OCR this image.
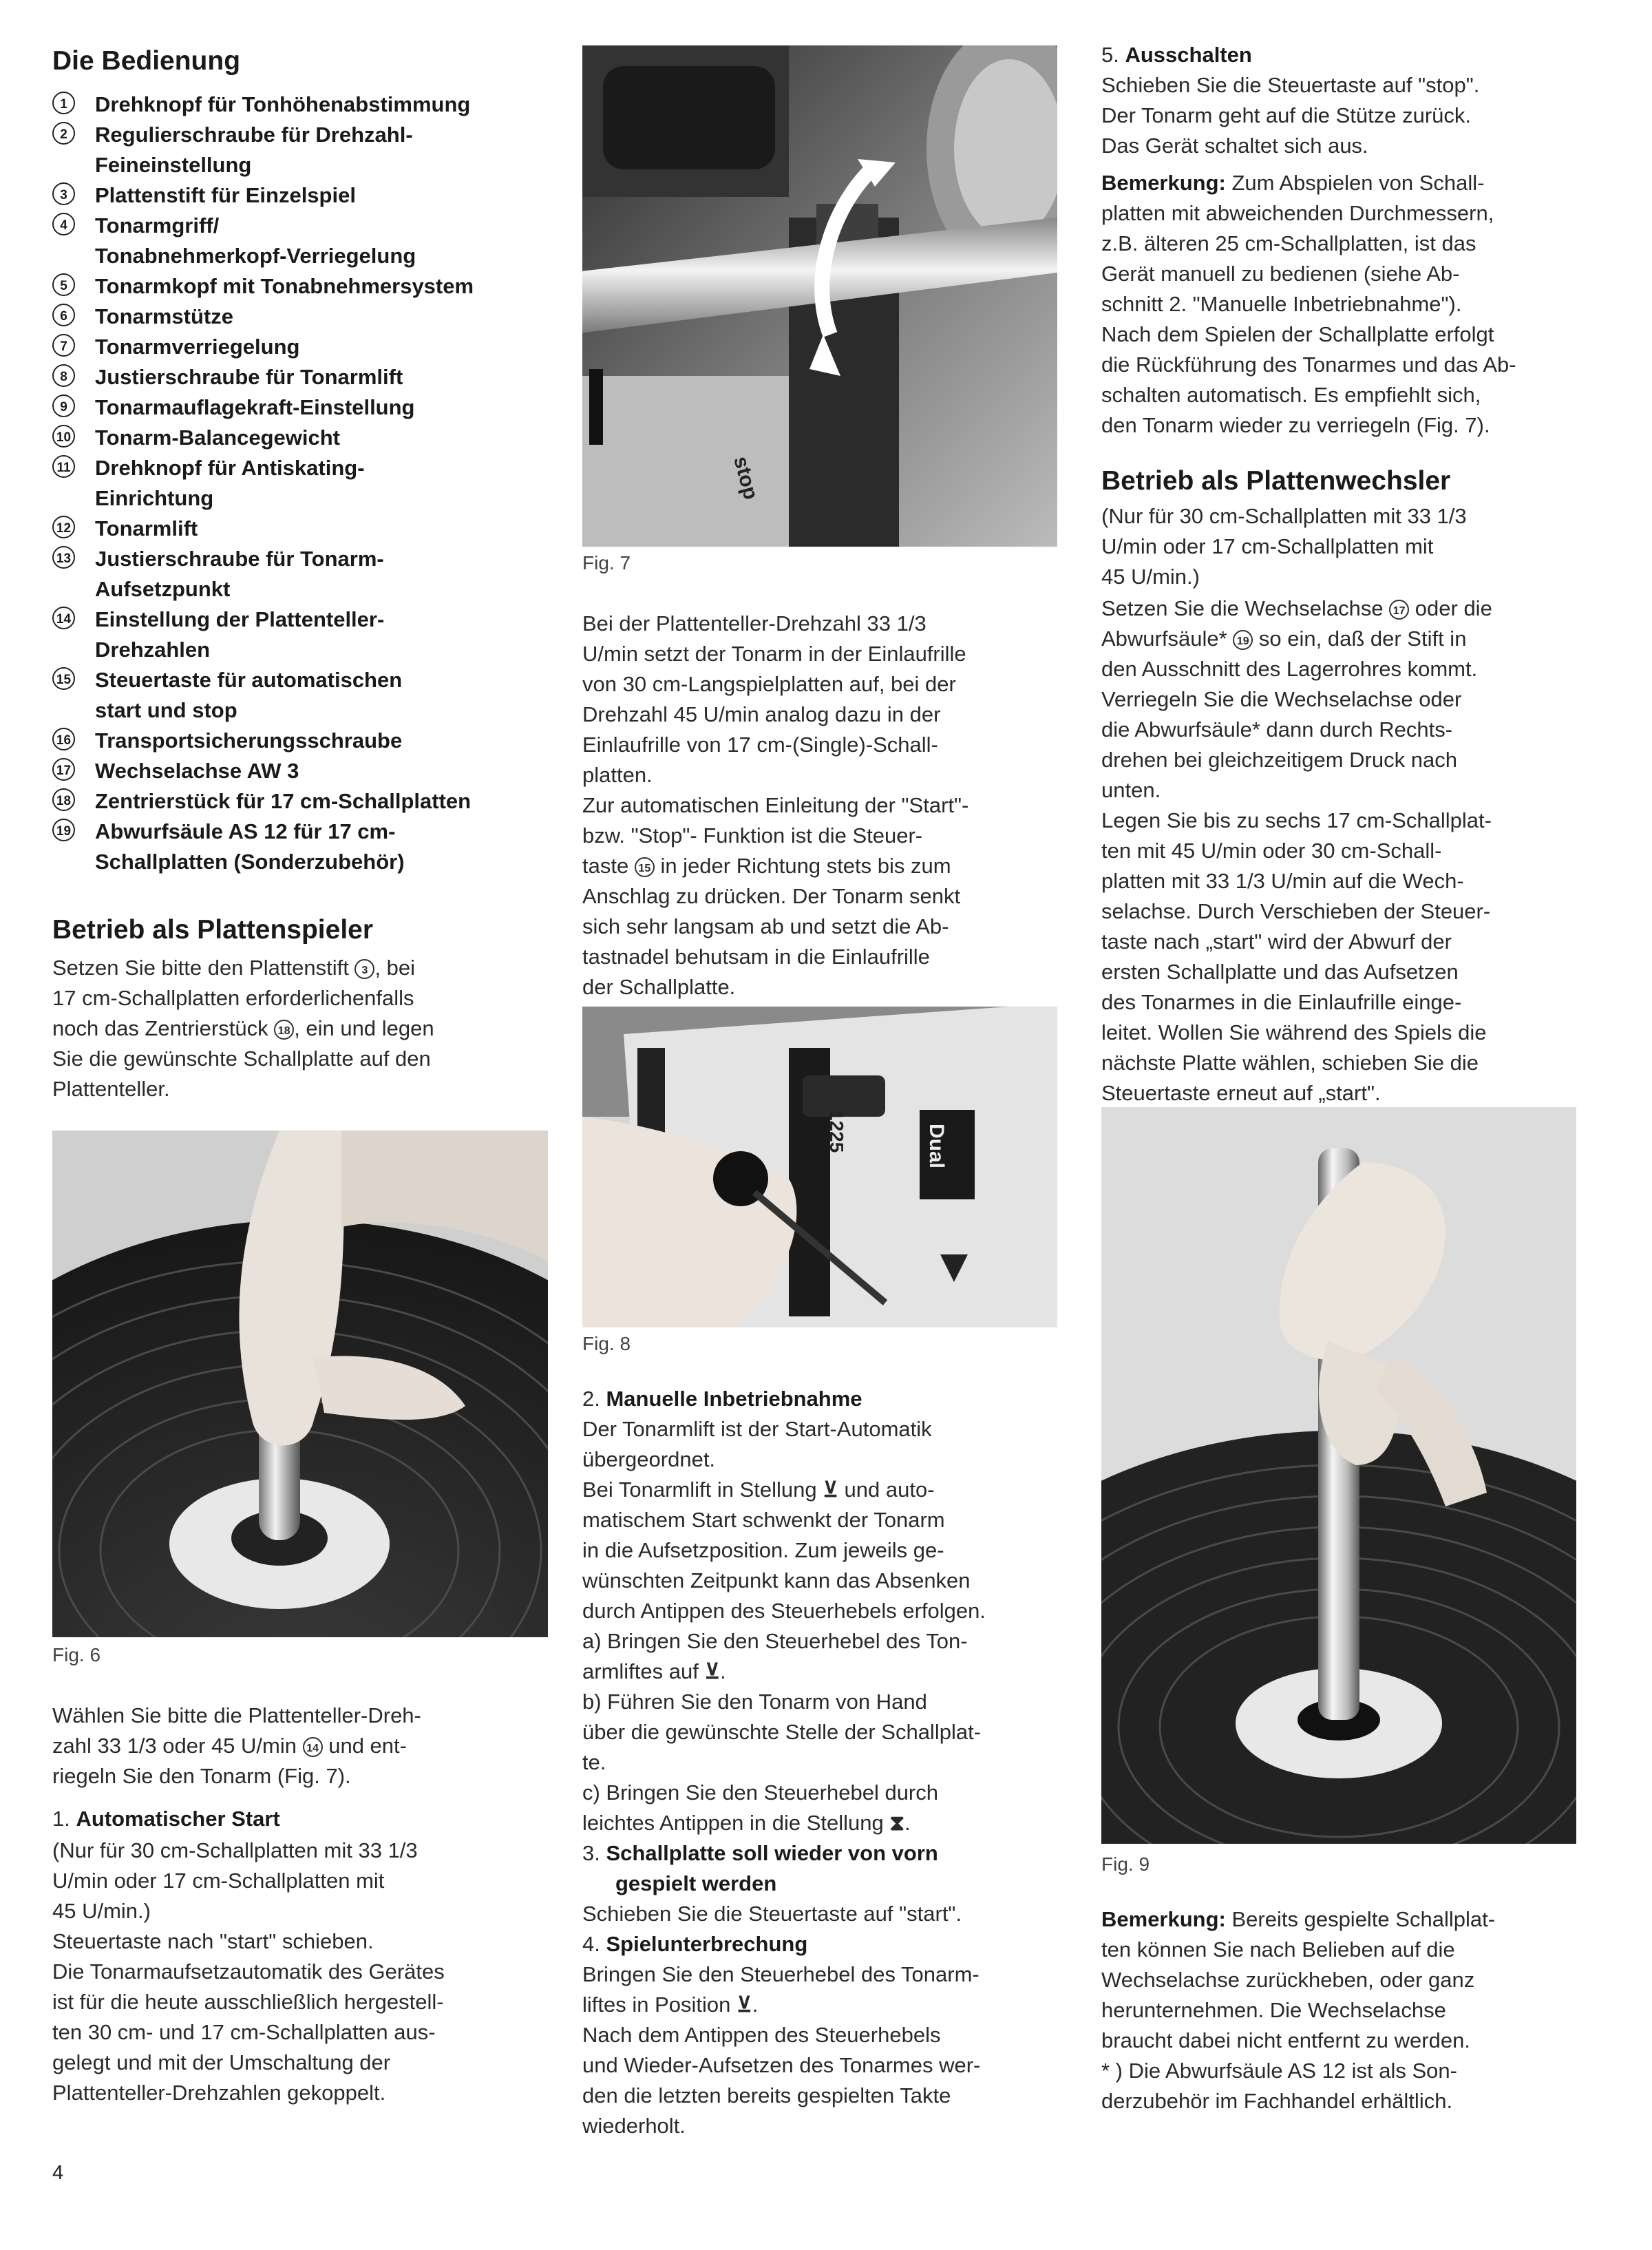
Die Bedienung
1	Drehknopf für Tonhöhenabstimmung
2	Regulierschraube für Drehzahl-
Feineinstellung
3	Plattenstift für Einzelspiel
4	Tonarmgriff/
Tonabnehmerkopf-Verriegelung
5	Tonarmkopf mit Tonabnehmersystem
6	Tonarmstütze
7	Tonarmverriegelung
8	Justierschraube für Tonarmlift
9	Tonarmauflagekraft-Einstellung
10 Tonarm-Balancegewicht
11 Drehknopf für Antiskating-
Einrichtung
12 Tonarmlift
13 Justierschraube für Tonarm-
Aufsetzpunkt
14 Einstellung der Plattenteller-
Drehzahlen
15 Steuertaste für automatischen
start und stop
16 Transportsicherungsschraube
17 Wechselachse AW 3
18 Zentrierstück für 17 cm-Schallplatten
19 Abwurfsäule AS 12 für 17 cm-
Schallplatten (Sonderzubehör)
Betrieb als Plattenspieler

Setzen Sie bitte den Plattenstift 3 , bei

17 cm-Schallplatten erforderlichenfalls

noch das Zentrierstück 18 , ein und legen

Sie die gewünschte Schallplatte auf den

Plattenteller.

Fig. 6

Wählen Sie bitte die Plattenteller-Dreh-

zahl 33 1/3 oder 45 U/min 14 und ent-

riegeln Sie den Tonarm (Fig. 7).

1. Automatischer Start

(Nur für 30 cm-Schallplatten mit 33 1/3

U/min oder 17 cm-Schallplatten mit

45 U/min.)

Steuertaste nach "start" schieben.

Die Tonarmaufsetzautomatik des Gerätes

ist für die heute ausschließlich hergestell-

ten 30 cm- und 17 cm-Schallplatten aus-

gelegt und mit der Umschaltung der

Plattenteller-Drehzahlen gekoppelt.

stop

Fig. 7

Bei der Plattenteller-Drehzahl 33 1/3

U/min setzt der Tonarm in der Einlaufrille

von 30 cm-Langspielplatten auf, bei der

Drehzahl 45 U/min analog dazu in der

Einlaufrille von 17 cm-(Single)-Schall-

platten.

Zur automatischen Einleitung der "Start"-

bzw. "Stop"- Funktion ist die Steuer-

taste 15 in jeder Richtung stets bis zum

Anschlag zu drücken. Der Tonarm senkt

sich sehr langsam ab und setzt die Ab-

tastnadel behutsam in die Einlaufrille

der Schallplatte.

Dual
1225

Fig. 8

2. Manuelle Inbetriebnahme

Der Tonarmlift ist der Start-Automatik

übergeordnet.

Bei Tonarmlift in Stellung ⊻ und auto-

matischem Start schwenkt der Tonarm

in die Aufsetzposition. Zum jeweils ge-

wünschten Zeitpunkt kann das Absenken

durch Antippen des Steuerhebels erfolgen.

a) Bringen Sie den Steuerhebel des Ton-

armliftes auf ⊻.

b) Führen Sie den Tonarm von Hand

über die gewünschte Stelle der Schallplat-

te.

c) Bringen Sie den Steuerhebel durch

leichtes Antippen in die Stellung ⧗.

3. Schallplatte soll wieder von vorn

gespielt werden

Schieben Sie die Steuertaste auf "start".

4. Spielunterbrechung

Bringen Sie den Steuerhebel des Tonarm-

liftes in Position ⊻.

Nach dem Antippen des Steuerhebels

und Wieder-Aufsetzen des Tonarmes wer-

den die letzten bereits gespielten Takte

wiederholt.

5. Ausschalten

Schieben Sie die Steuertaste auf "stop".

Der Tonarm geht auf die Stütze zurück.

Das Gerät schaltet sich aus.

Bemerkung: Zum Abspielen von Schall-

platten mit abweichenden Durchmessern,

z.B. älteren 25 cm-Schallplatten, ist das

Gerät manuell zu bedienen (siehe Ab-

schnitt 2. "Manuelle Inbetriebnahme").

Nach dem Spielen der Schallplatte erfolgt

die Rückführung des Tonarmes und das Ab-

schalten automatisch. Es empfiehlt sich,

den Tonarm wieder zu verriegeln (Fig. 7).

Betrieb als Plattenwechsler

(Nur für 30 cm-Schallplatten mit 33 1/3

U/min oder 17 cm-Schallplatten mit

45 U/min.)

Setzen Sie die Wechselachse 17 oder die

Abwurfsäule* 19 so ein, daß der Stift in

den Ausschnitt des Lagerrohres kommt.

Verriegeln Sie die Wechselachse oder

die Abwurfsäule* dann durch Rechts-

drehen bei gleichzeitigem Druck nach

unten.

Legen Sie bis zu sechs 17 cm-Schallplat-

ten mit 45 U/min oder 30 cm-Schall-

platten mit 33 1/3 U/min auf die Wech-

selachse. Durch Verschieben der Steuer-

taste nach „start" wird der Abwurf der

ersten Schallplatte und das Aufsetzen

des Tonarmes in die Einlaufrille einge-

leitet. Wollen Sie während des Spiels die

nächste Platte wählen, schieben Sie die

Steuertaste erneut auf „start".

Fig. 9

Bemerkung: Bereits gespielte Schallplat-

ten können Sie nach Belieben auf die

Wechselachse zurückheben, oder ganz

herunternehmen. Die Wechselachse

braucht dabei nicht entfernt zu werden.

* ) Die Abwurfsäule AS 12 ist als Son-

derzubehör im Fachhandel erhältlich.

4
